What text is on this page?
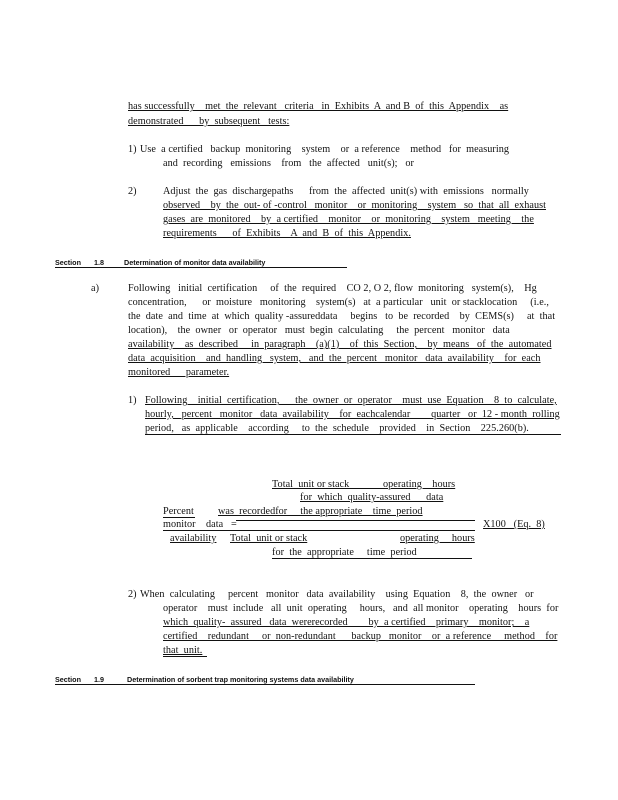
has successfully    met  the  relevant   criteria   in  Exhibits  A  and B  of  this  Appendix    as
demonstrated      by  subsequent   tests:
1) Use  a certified   backup  monitoring    system    or  a reference    method   for  measuring
and  recording   emissions    from   the  affected   unit(s);   or
2)	Adjust  the  gas  dischargepaths      from  the  affected  unit(s) with  emissions   normally
observed    by  the  out- of -control   monitor    or  monitoring    system   so  that  all  exhaust
gases  are  monitored    by  a certified    monitor    or  monitoring    system   meeting    the
requirements      of  Exhibits    A  and  B  of  this  Appendix.
Section 1.8	Determination of monitor data availability
a)	Following   initial  certification     of  the  required    CO 2, O 2, flow  monitoring   system(s),    Hg
concentration,      or  moisture   monitoring    system(s)   at  a particular   unit  or stacklocation     (i.e.,
the  date  and  time  at  which  quality -assureddata     begins   to  be  recorded    by  CEMS(s)     at  that
location),    the  owner   or  operator   must  begin  calculating     the  percent   monitor   data
availability    as  described     in  paragraph    (a)(1)    of  this  Section,    by  means   of  the  automated
data  acquisition    and  handling   system,   and  the  percent   monitor   data  availability    for  each
monitored      parameter.
1) Following    initial  certification,      the  owner  or  operator    must  use  Equation    8  to  calculate,
hourly,   percent   monitor   data  availability    for  eachcalendar        quarter   or  12 - month  rolling
period,   as  applicable    according     to  the  schedule    provided    in  Section    225.260(b).
Total  unit or stack             operating    hours
for  which  quality-assured      data
Percent was  recordedfor     the appropriate    time  period
monitor    data   =	X100   (Eq.  8)
availability Total  unit or stack	operating     hours
for  the  appropriate     time  period
2) When  calculating     percent   monitor   data  availability    using  Equation    8,  the  owner   or
operator    must  include   all  unit  operating     hours,   and  all monitor    operating    hours  for
which  quality-  assured   data  wererecorded        by  a certified    primary    monitor;    a
certified    redundant     or  non-redundant      backup   monitor    or  a reference     method    for
that  unit.
Section 1.9	Determination of sorbent trap monitoring systems data availability
